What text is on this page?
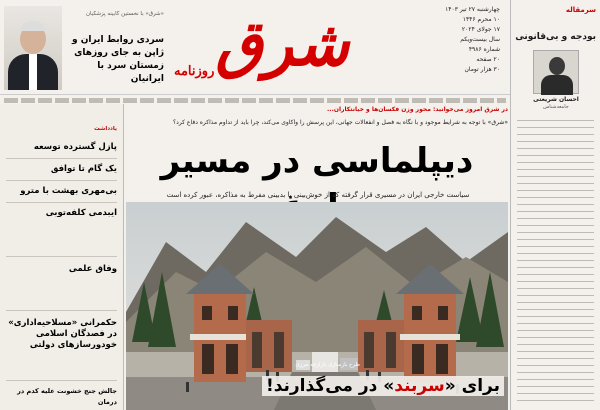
سرمقاله
بودجه و بی‌قانونی
احسان شریعتی
جامعه‌شناس
شرق
روزنامه
چهارشنبه ۲۷ تیر ۱۴۰۳
۱۰ محرم ۱۴۴۶
۱۷ جولای ۲۰۲۴
سال بیست‌ویکم
شماره ۴۹۸۶
۲۰ صفحه
۳۰ هزار تومان
«شرق» با نخستین کابینه پزشکیان
سردی روابط ایران و ژاپن به جای روزهای زمستان سرد با ایرانیان
یادداشت
پازل گسترده توسعه
یک گام تا توافق
بی‌مهری بهشت با مترو
ایبدمی کلفه‌توبی
وفاق علمی
حکمرانی «مسلاحیه‌اداری» در فصدگان اسلامی خودور‌سازهای دولتی
جالش جنج خشونت علیه کدم در درمان
در شرق امروز می‌خوانید: محور وزن فکسان‌ها و خیانتکاران...
«شرق» با توجه به شرایط موجود و با نگاه به فصل و انفعالات جهانی، این پرسش را واکاوی می‌کند، چرا باید از تداوم مذاکره دفاع کرد؟
دیپلماسی در مسیر
سیاست خارجی ایران در مسیری قرار گرفته که از خوش‌بینی یا بدبینی مفرط به مذاکره، عبور کرده است
طرح بازسازی بازارچه مرزی
برای «سربند» در می‌گذارند!
